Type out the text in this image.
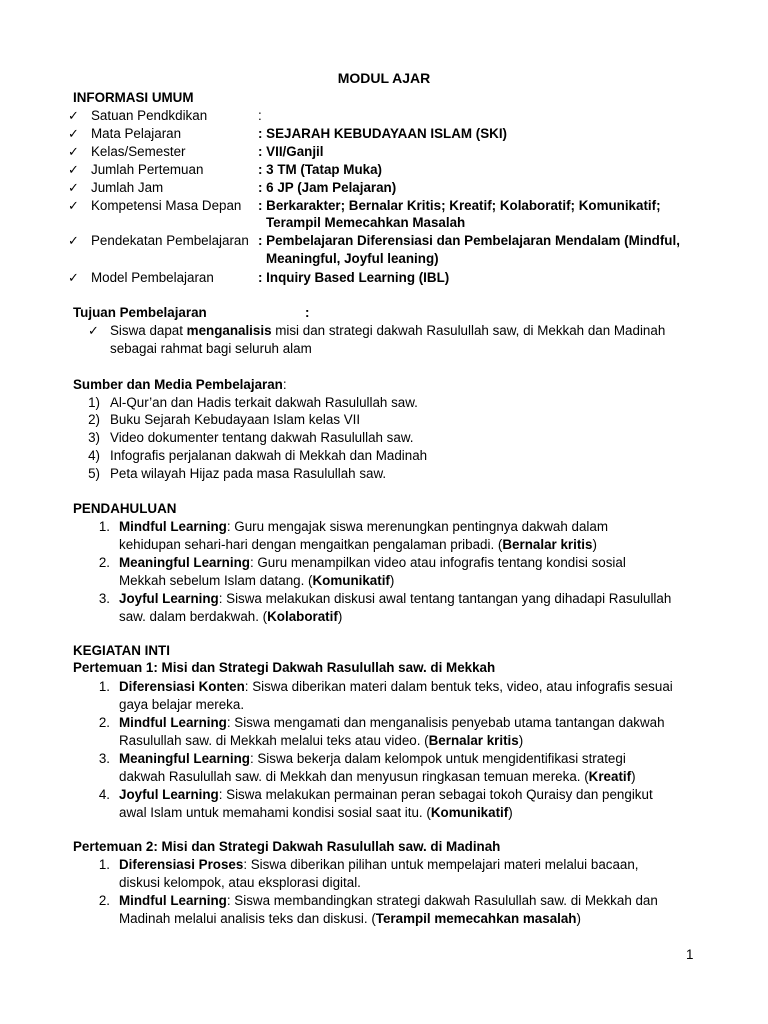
MODUL AJAR
INFORMASI UMUM
✓ Satuan Pendkdikan	:
✓ Mata Pelajaran	: SEJARAH KEBUDAYAAN ISLAM (SKI)
✓ Kelas/Semester	: VII/Ganjil
✓ Jumlah Pertemuan	: 3 TM (Tatap Muka)
✓ Jumlah Jam	: 6 JP (Jam Pelajaran)
✓ Kompetensi Masa Depan : Berkarakter; Bernalar Kritis; Kreatif; Kolaboratif; Komunikatif;
Terampil Memecahkan Masalah
✓ Pendekatan Pembelajaran : Pembelajaran Diferensiasi dan Pembelajaran Mendalam (Mindful,
Meaningful, Joyful leaning)
✓ Model Pembelajaran	: Inquiry Based Learning (IBL)
Tujuan Pembelajaran	:
✓ Siswa dapat menganalisis misi dan strategi dakwah Rasulullah saw, di Mekkah dan Madinah
sebagai rahmat bagi seluruh alam
Sumber dan Media Pembelajaran:
1) Al-Qur’an dan Hadis terkait dakwah Rasulullah saw.
2) Buku Sejarah Kebudayaan Islam kelas VII
3) Video dokumenter tentang dakwah Rasulullah saw.
4) Infografis perjalanan dakwah di Mekkah dan Madinah
5) Peta wilayah Hijaz pada masa Rasulullah saw.
PENDAHULUAN
1. Mindful Learning: Guru mengajak siswa merenungkan pentingnya dakwah dalam
kehidupan sehari-hari dengan mengaitkan pengalaman pribadi. (Bernalar kritis)
2. Meaningful Learning: Guru menampilkan video atau infografis tentang kondisi sosial
Mekkah sebelum Islam datang. (Komunikatif)
3. Joyful Learning: Siswa melakukan diskusi awal tentang tantangan yang dihadapi Rasulullah
saw. dalam berdakwah. (Kolaboratif)
KEGIATAN INTI
Pertemuan 1: Misi dan Strategi Dakwah Rasulullah saw. di Mekkah
1. Diferensiasi Konten: Siswa diberikan materi dalam bentuk teks, video, atau infografis sesuai
gaya belajar mereka.
2. Mindful Learning: Siswa mengamati dan menganalisis penyebab utama tantangan dakwah
Rasulullah saw. di Mekkah melalui teks atau video. (Bernalar kritis)
3. Meaningful Learning: Siswa bekerja dalam kelompok untuk mengidentifikasi strategi
dakwah Rasulullah saw. di Mekkah dan menyusun ringkasan temuan mereka. (Kreatif)
4. Joyful Learning: Siswa melakukan permainan peran sebagai tokoh Quraisy dan pengikut
awal Islam untuk memahami kondisi sosial saat itu. (Komunikatif)
Pertemuan 2: Misi dan Strategi Dakwah Rasulullah saw. di Madinah
1. Diferensiasi Proses: Siswa diberikan pilihan untuk mempelajari materi melalui bacaan,
diskusi kelompok, atau eksplorasi digital.
2. Mindful Learning: Siswa membandingkan strategi dakwah Rasulullah saw. di Mekkah dan
Madinah melalui analisis teks dan diskusi. (Terampil memecahkan masalah)
1
